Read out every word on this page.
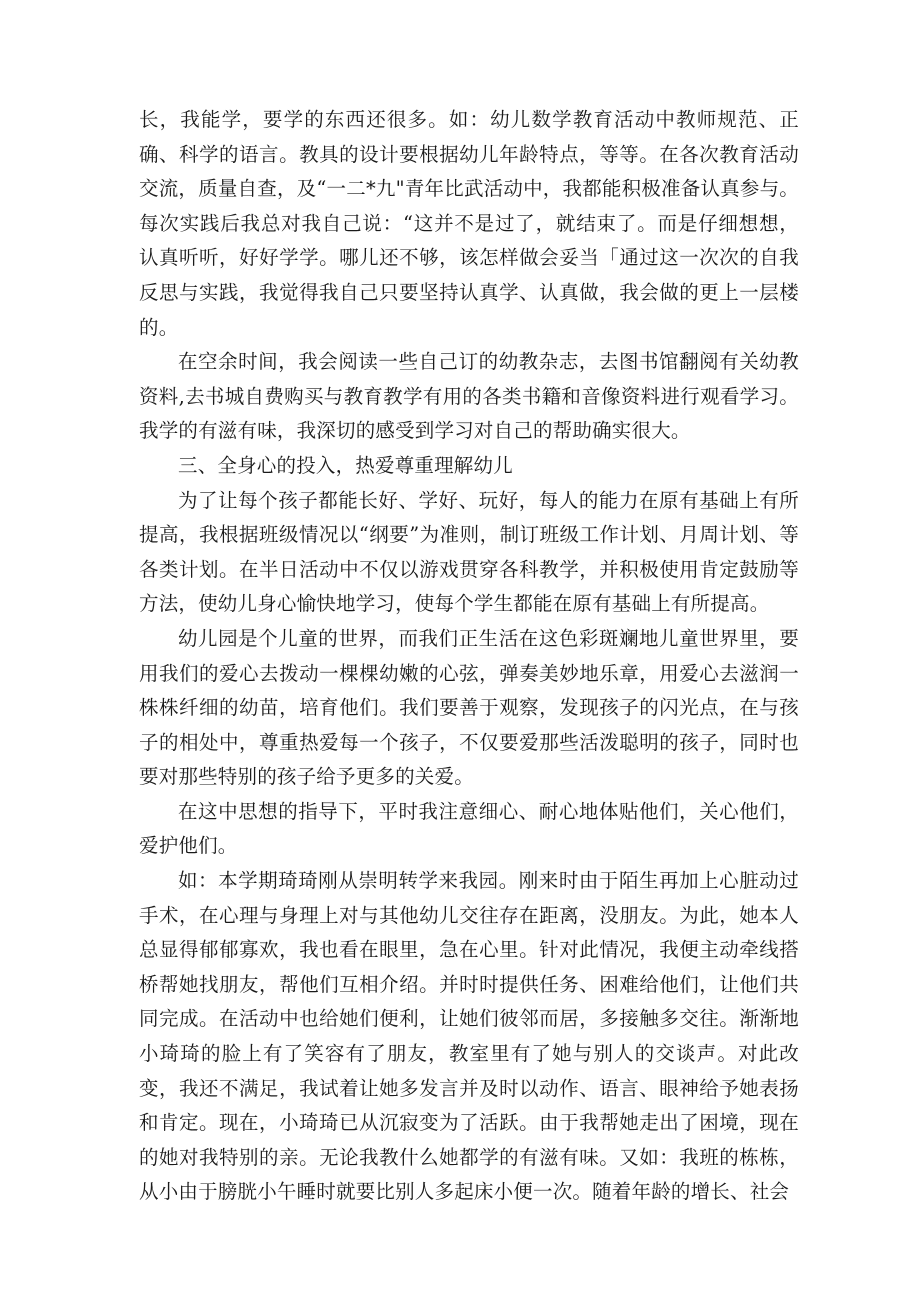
长，我能学，要学的东西还很多。如：幼儿数学教育活动中教师规范、正确、科学的语言。教具的设计要根据幼儿年龄特点，等等。在各次教育活动交流，质量自查，及“一二*九"青年比武活动中，我都能积极准备认真参与。每次实践后我总对我自己说：“这并不是过了，就结束了。而是仔细想想，认真听听，好好学学。哪儿还不够，该怎样做会妥当「通过这一次次的自我反思与实践，我觉得我自己只要坚持认真学、认真做，我会做的更上一层楼的。

在空余时间，我会阅读一些自己订的幼教杂志，去图书馆翻阅有关幼教资料,去书城自费购买与教育教学有用的各类书籍和音像资料进行观看学习。我学的有滋有味，我深切的感受到学习对自己的帮助确实很大。

三、全身心的投入，热爱尊重理解幼儿

为了让每个孩子都能长好、学好、玩好，每人的能力在原有基础上有所提高，我根据班级情况以“纲要”为准则，制订班级工作计划、月周计划、等各类计划。在半日活动中不仅以游戏贯穿各科教学，并积极使用肯定鼓励等方法，使幼儿身心愉快地学习，使每个学生都能在原有基础上有所提高。

幼儿园是个儿童的世界，而我们正生活在这色彩斑斓地儿童世界里，要用我们的爱心去拨动一棵棵幼嫩的心弦，弹奏美妙地乐章，用爱心去滋润一株株纤细的幼苗，培育他们。我们要善于观察，发现孩子的闪光点，在与孩子的相处中，尊重热爱每一个孩子，不仅要爱那些活泼聪明的孩子，同时也要对那些特别的孩子给予更多的关爱。

在这中思想的指导下，平时我注意细心、耐心地体贴他们，关心他们，爱护他们。

如：本学期琦琦刚从崇明转学来我园。刚来时由于陌生再加上心脏动过手术，在心理与身理上对与其他幼儿交往存在距离，没朋友。为此，她本人总显得郁郁寡欢，我也看在眼里，急在心里。针对此情况，我便主动牵线搭桥帮她找朋友，帮他们互相介绍。并时时提供任务、困难给他们，让他们共同完成。在活动中也给她们便利，让她们彼邻而居，多接触多交往。渐渐地小琦琦的脸上有了笑容有了朋友，教室里有了她与别人的交谈声。对此改变，我还不满足，我试着让她多发言并及时以动作、语言、眼神给予她表扬和肯定。现在，小琦琦已从沉寂变为了活跃。由于我帮她走出了困境，现在的她对我特别的亲。无论我教什么她都学的有滋有味。又如：我班的栋栋，从小由于膀胱小午睡时就要比别人多起床小便一次。随着年龄的增长、社会
